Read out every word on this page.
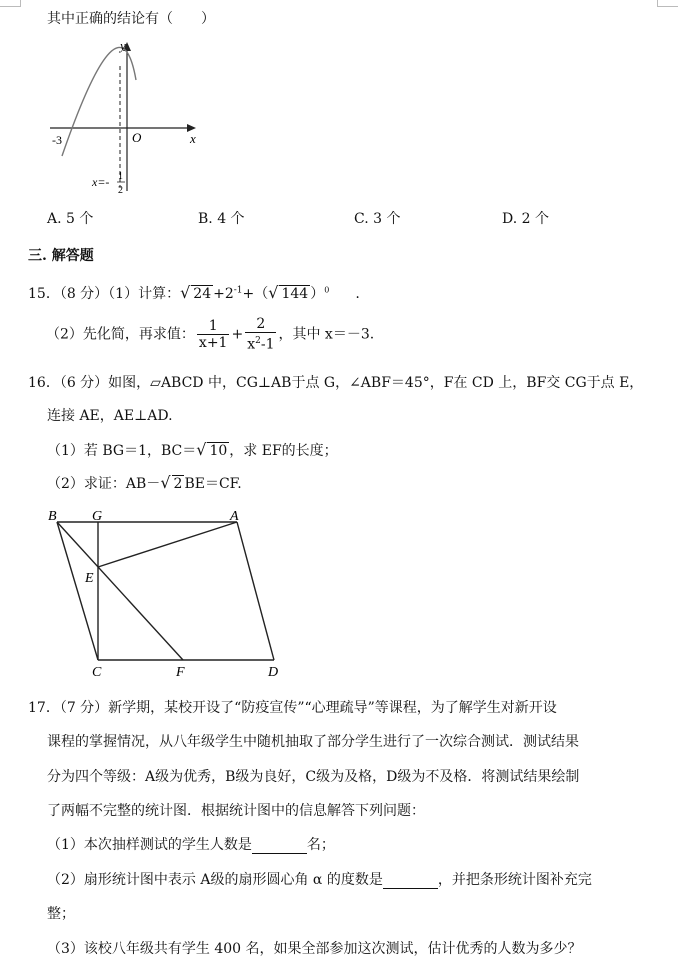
其中正确的结论有（　　）
y
x
O
-3
x=- 1
2
A. 5 个	B. 4 个	C. 3 个	D. 2 个
三. 解答题
15．（8 分）（1）计算：√ $24 +2^{-1}+(√$ 144 ）$^0$ .
（2）先化简，再求值： $\frac{1}{x+1} + \frac{2}{x^2-1}$ ，其中 x＝－3.
16．（6 分）如图，▱ABCD 中，CG⊥AB于点 G，∠ABF＝45°，F在 CD 上，BF交 CG于点 E，
连接 AE，AE⊥AD.
（1）若 BG＝1，BC＝√ 10 ，求 EF的长度；
（2）求证：AB－√ 2 BE＝CF.
B	G	A
E
C	F	D
17．（7 分）新学期，某校开设了“防疫宣传”“心理疏导”等课程，为了解学生对新开设
课程的掌握情况，从八年级学生中随机抽取了部分学生进行了一次综合测试．测试结果
分为四个等级：A级为优秀，B级为良好，C级为及格，D级为不及格．将测试结果绘制
了两幅不完整的统计图．根据统计图中的信息解答下列问题：
（1）本次抽样测试的学生人数是	名；
（2）扇形统计图中表示 A级的扇形圆心角 α 的度数是	，并把条形统计图补充完
整；
（3）该校八年级共有学生 400 名，如果全部参加这次测试，估计优秀的人数为多少？
